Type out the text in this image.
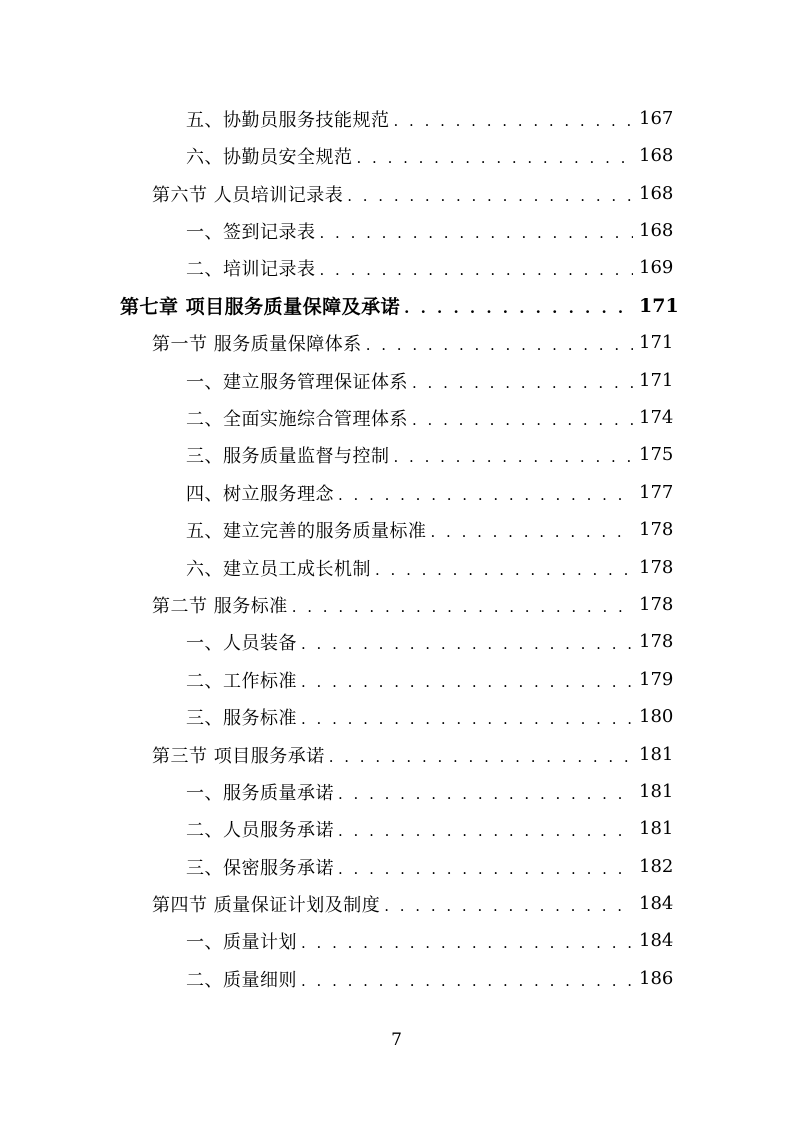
五、协勤员服务技能规范 . . .	167
六、协勤员安全规范 . . .	168
第六节 人员培训记录表 . . .	168
一、签到记录表 . . .	168
二、培训记录表 . . .	169
第七章 项目服务质量保障及承诺 . . .	171
第一节 服务质量保障体系 . . .	171
一、建立服务管理保证体系 . . .	171
二、全面实施综合管理体系 . . .	174
三、服务质量监督与控制 . . .	175
四、树立服务理念 . . .	177
五、建立完善的服务质量标准 . . .	178
六、建立员工成长机制 . . .	178
第二节 服务标准 . . .	178
一、人员装备 . . .	178
二、工作标准 . . .	179
三、服务标准 . . .	180
第三节 项目服务承诺 . . .	181
一、服务质量承诺 . . .	181
二、人员服务承诺 . . .	181
三、保密服务承诺 . . .	182
第四节 质量保证计划及制度 . . .	184
一、质量计划 . . .	184
二、质量细则 . . .	186
7
